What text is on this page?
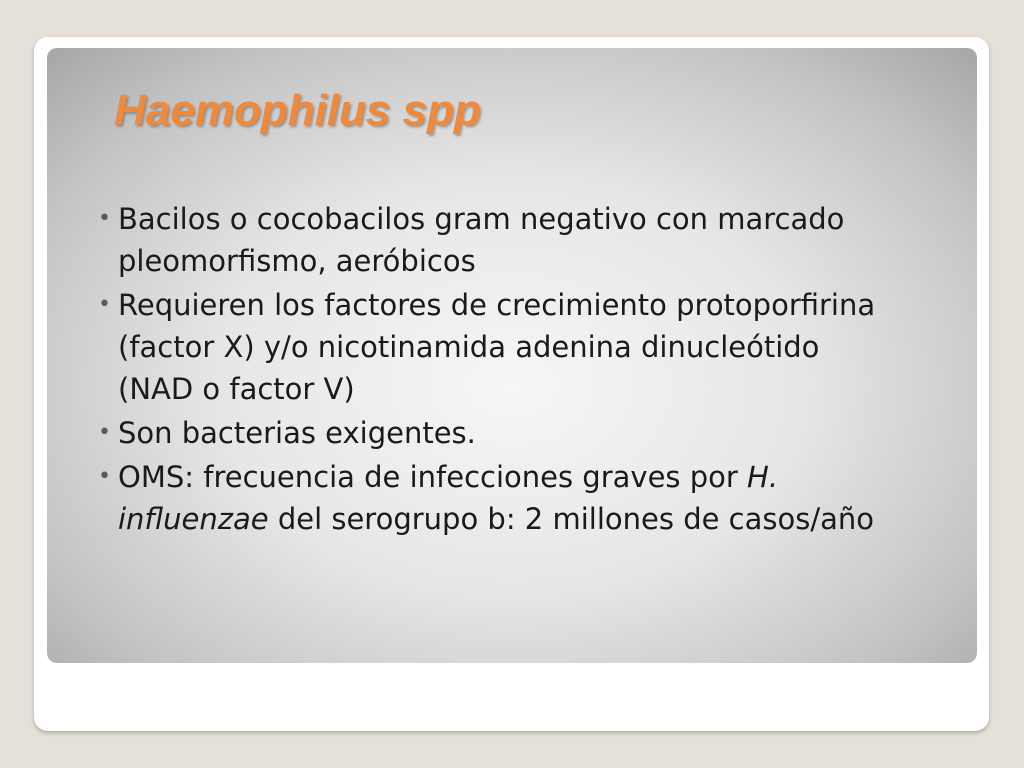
Haemophilus spp
• Bacilos o cocobacilos gram negativo con marcado pleomorfismo, aeróbicos
• Requieren los factores de crecimiento protoporfirina (factor X) y/o nicotinamida adenina dinucleótido (NAD o factor V)
• Son bacterias exigentes.
• OMS: frecuencia de infecciones graves por H. influenzae del serogrupo b: 2 millones de casos/año
